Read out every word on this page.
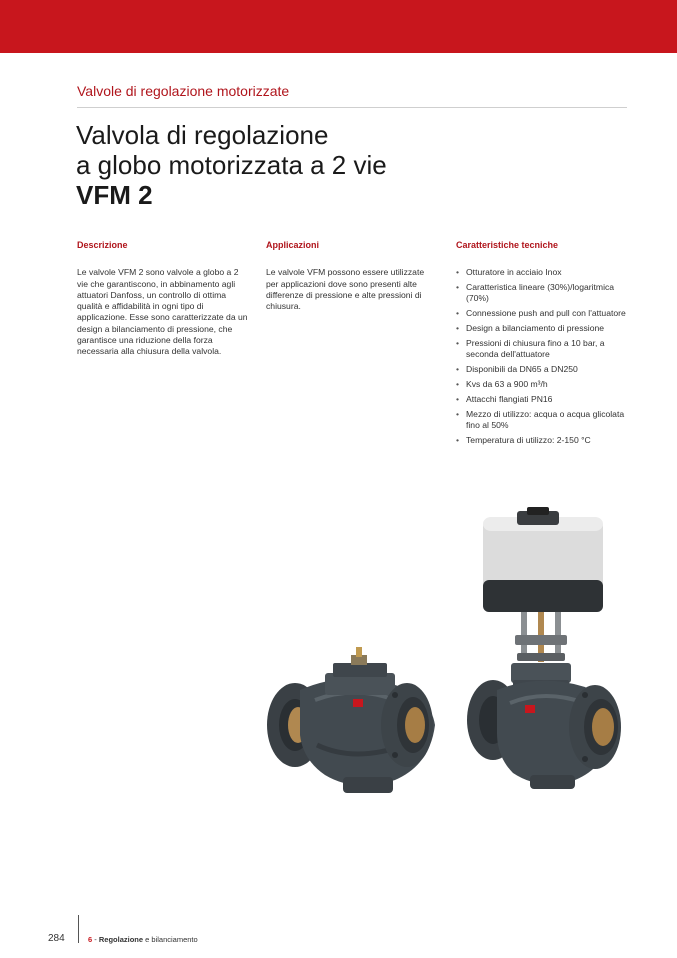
Valvole di regolazione motorizzate
Valvola di regolazione
a globo motorizzata a 2 vie
VFM 2
Descrizione

Le valvole VFM 2 sono valvole a globo a 2 vie che garantiscono, in abbinamento agli attuatori Danfoss, un controllo di ottima qualità e affidabilità in ogni tipo di applicazione. Esse sono caratterizzate da un design a bilanciamento di pressione, che garantisce una riduzione della forza necessaria alla chiusura della valvola.

Applicazioni

Le valvole VFM possono essere utilizzate per applicazioni dove sono presenti alte differenze di pressione e alte pressioni di chiusura.

Caratteristiche tecniche
• Otturatore in acciaio Inox
• Caratteristica lineare (30%)/logaritmica (70%)
• Connessione push and pull con l'attuatore
• Design a bilanciamento di pressione
• Pressioni di chiusura fino a 10 bar, a seconda dell'attuatore
• Disponibili da DN65 a DN250
• Kvs da 63 a 900 m³/h
• Attacchi flangiati PN16
• Mezzo di utilizzo: acqua o acqua glicolata fino al 50%
• Temperatura di utilizzo: 2-150 °C
284	6 - Regolazione e bilanciamento
